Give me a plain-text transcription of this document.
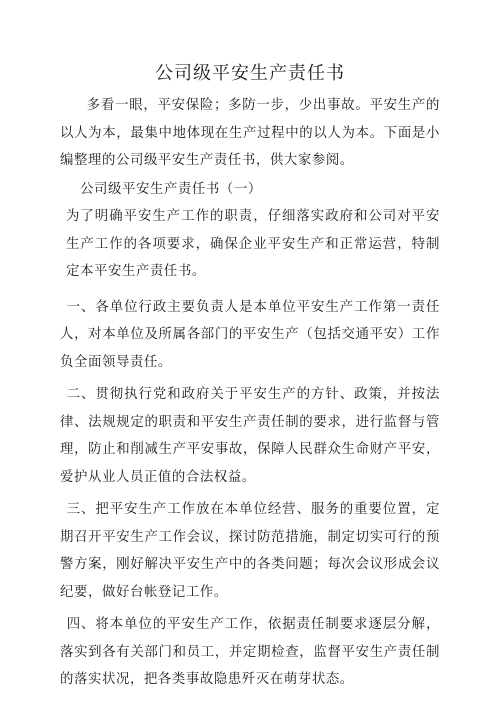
公司级平安生产责任书

多看一眼，平安保险；多防一步，少出事故。平安生产的以人为本，最集中地体现在生产过程中的以人为本。下面是小编整理的公司级平安生产责任书，供大家参阅。

公司级平安生产责任书（一）

为了明确平安生产工作的职责，仔细落实政府和公司对平安生产工作的各项要求，确保企业平安生产和正常运营，特制定本平安生产责任书。

一、各单位行政主要负责人是本单位平安生产工作第一责任人，对本单位及所属各部门的平安生产（包括交通平安）工作负全面领导责任。

二、贯彻执行党和政府关于平安生产的方针、政策，并按法律、法规规定的职责和平安生产责任制的要求，进行监督与管理，防止和削减生产平安事故，保障人民群众生命财产平安，爱护从业人员正值的合法权益。

三、把平安生产工作放在本单位经营、服务的重要位置，定期召开平安生产工作会议，探讨防范措施，制定切实可行的预警方案，刚好解决平安生产中的各类问题；每次会议形成会议纪要，做好台帐登记工作。

四、将本单位的平安生产工作，依据责任制要求逐层分解，落实到各有关部门和员工，并定期检查，监督平安生产责任制的落实状况，把各类事故隐患歼灭在萌芽状态。
